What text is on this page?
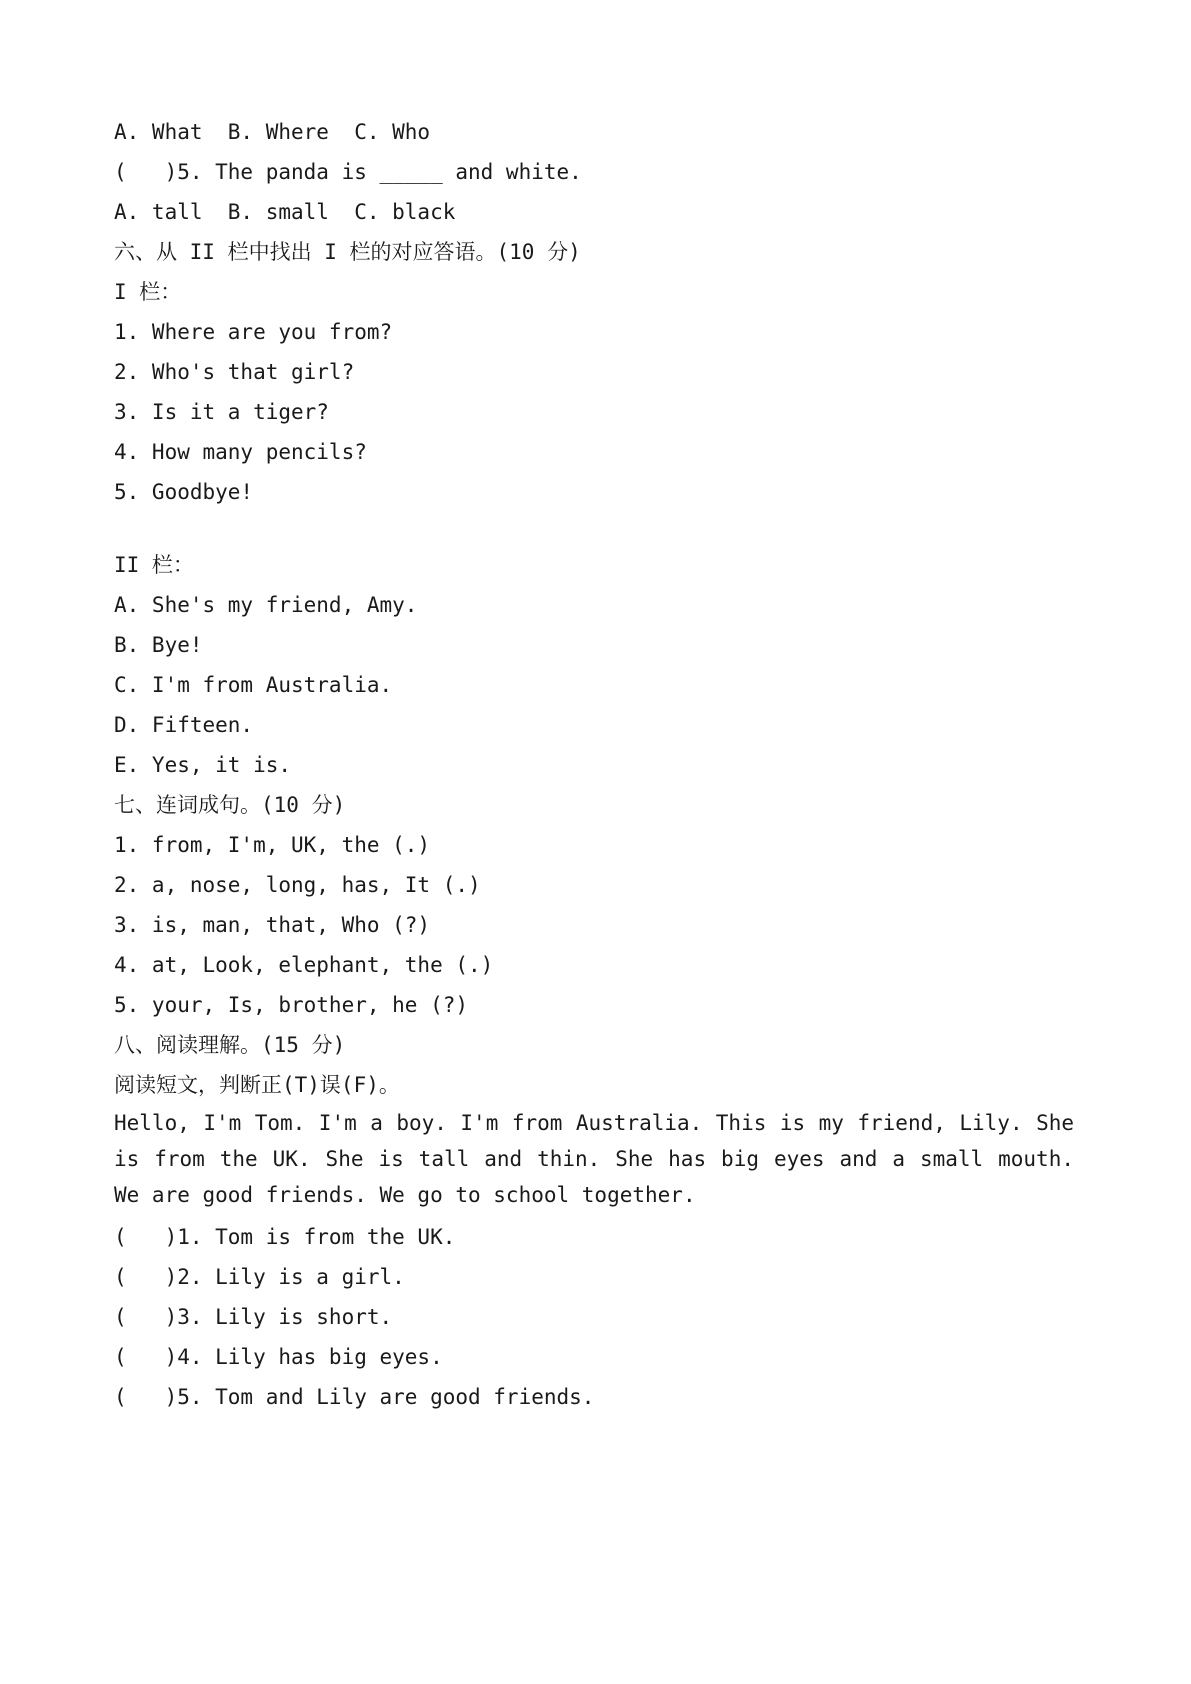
A. What  B. Where  C. Who
(   )5. The panda is _____ and white.
A. tall  B. small  C. black
六、从 II 栏中找出 I 栏的对应答语。(10 分)
I 栏：
1. Where are you from?
2. Who's that girl?
3. Is it a tiger?
4. How many pencils?
5. Goodbye!
II 栏：
A. She's my friend, Amy.
B. Bye!
C. I'm from Australia.
D. Fifteen.
E. Yes, it is.
七、连词成句。(10 分)
1. from, I'm, UK, the (.)
2. a, nose, long, has, It (.)
3. is, man, that, Who (?)
4. at, Look, elephant, the (.)
5. your, Is, brother, he (?)
八、阅读理解。(15 分)
阅读短文，判断正(T)误(F)。
Hello, I'm Tom. I'm a boy. I'm from Australia. This is my friend, Lily. She is from the UK. She is tall and thin. She has big eyes and a small mouth. We are good friends. We go to school together.
(   )1. Tom is from the UK.
(   )2. Lily is a girl.
(   )3. Lily is short.
(   )4. Lily has big eyes.
(   )5. Tom and Lily are good friends.
